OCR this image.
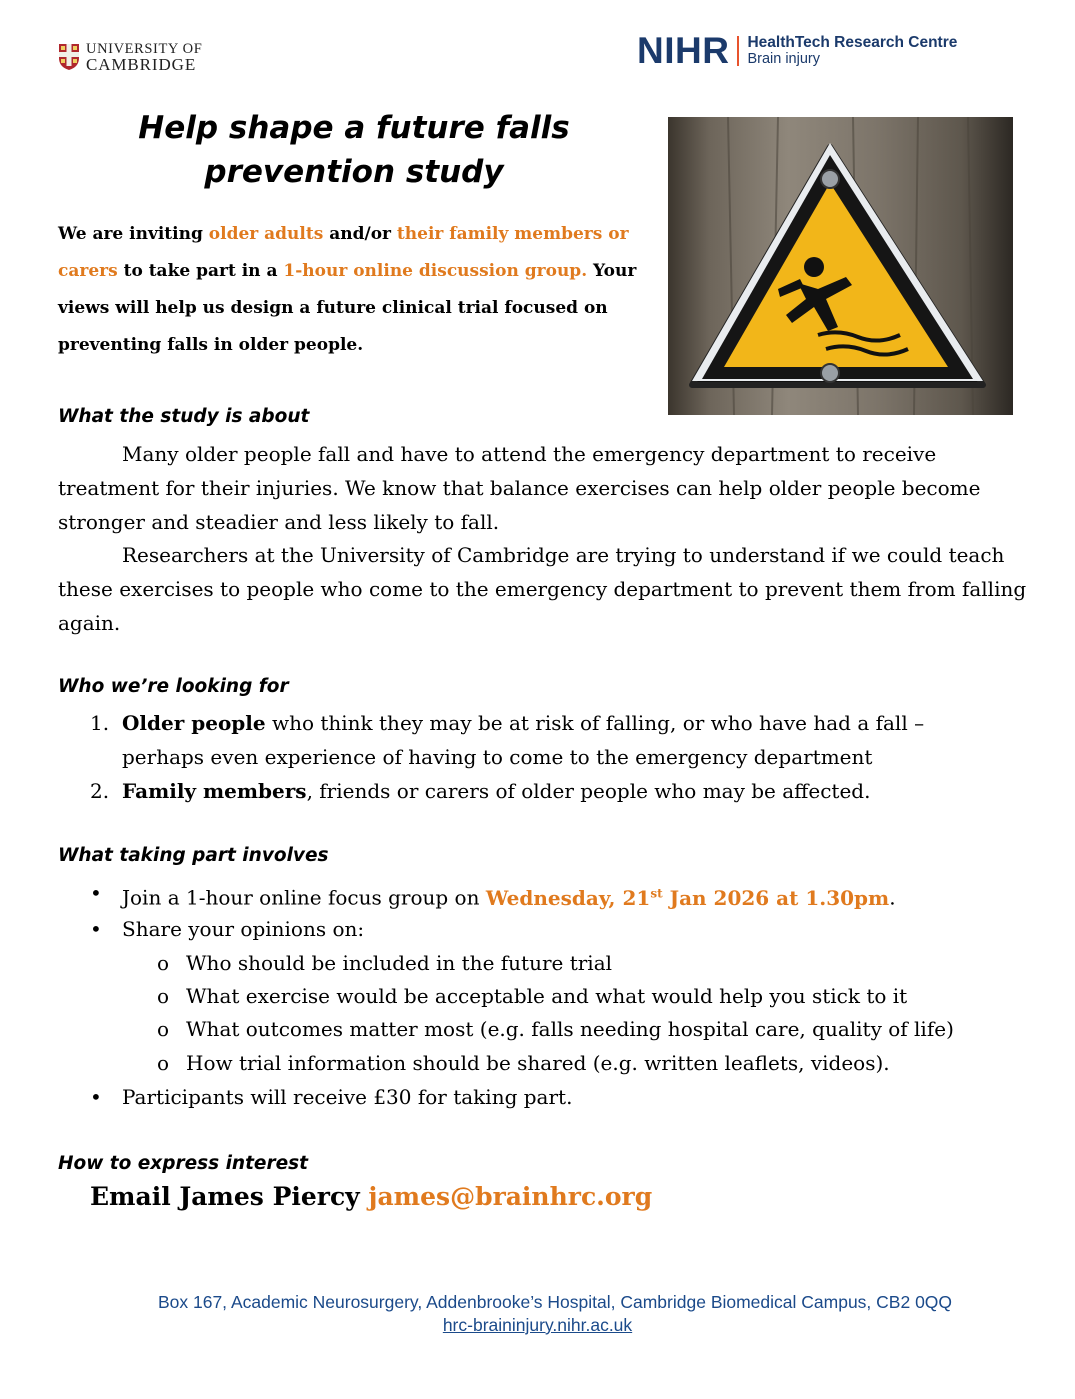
UNIVERSITY OF
CAMBRIDGE	NIHR HealthTech Research Centre
Brain injury
Help shape a future falls
prevention study

We are inviting older adults and/or their family members or carers to take part in a 1-hour online discussion group. Your views will help us design a future clinical trial focused on preventing falls in older people.

What the study is about

Many older people fall and have to attend the emergency department to receive treatment for their injuries. We know that balance exercises can help older people become stronger and steadier and less likely to fall.

Researchers at the University of Cambridge are trying to understand if we could teach these exercises to people who come to the emergency department to prevent them from falling again.

Who we’re looking for
1. Older people who think they may be at risk of falling, or who have had a fall –
perhaps even experience of having to come to the emergency department
2. Family members, friends or carers of older people who may be affected.
What taking part involves
• Join a 1-hour online focus group on Wednesday, 21st Jan 2026 at 1.30pm.
• Share your opinions on:
o Who should be included in the future trial
o What exercise would be acceptable and what would help you stick to it
o What outcomes matter most (e.g. falls needing hospital care, quality of life)
o How trial information should be shared (e.g. written leaflets, videos).
• Participants will receive £30 for taking part.
How to express interest
Email James Piercy james@brainhrc.org

Box 167, Academic Neurosurgery, Addenbrooke’s Hospital, Cambridge Biomedical Campus, CB2 0QQ

hrc-braininjury.nihr.ac.uk
